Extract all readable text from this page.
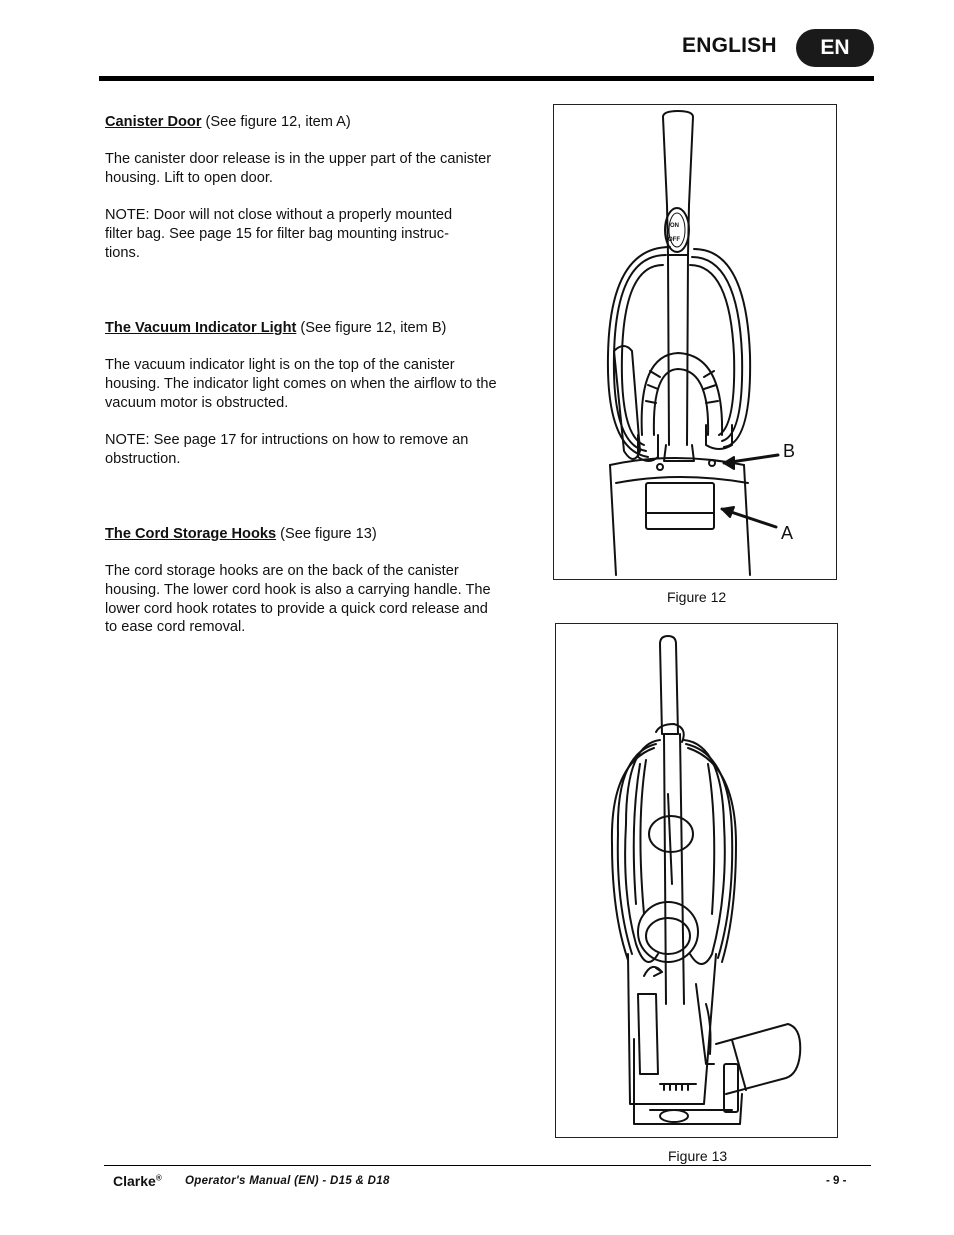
ENGLISH	EN

Canister Door (See figure 12, item A)

The canister door release is in the upper part of the canister housing. Lift to open door.

NOTE: Door will not close without a properly mounted filter bag. See page 15 for filter bag mounting instruc-tions.

The Vacuum Indicator Light (See figure 12, item B)

The vacuum indicator light is on the top of the canister housing. The indicator light comes on when the airflow to the vacuum motor is obstructed.

NOTE: See page 17 for intructions on how to remove an obstruction.

The Cord Storage Hooks (See figure 13)

The cord storage hooks are on the back of the canister housing. The lower cord hook is also a carrying handle. The lower cord hook rotates to provide a quick cord release and to ease cord removal.

ON
OFF

B

A

Figure 12

Figure 13

Clarke® Operator's Manual (EN) - D15 & D18	- 9 -
